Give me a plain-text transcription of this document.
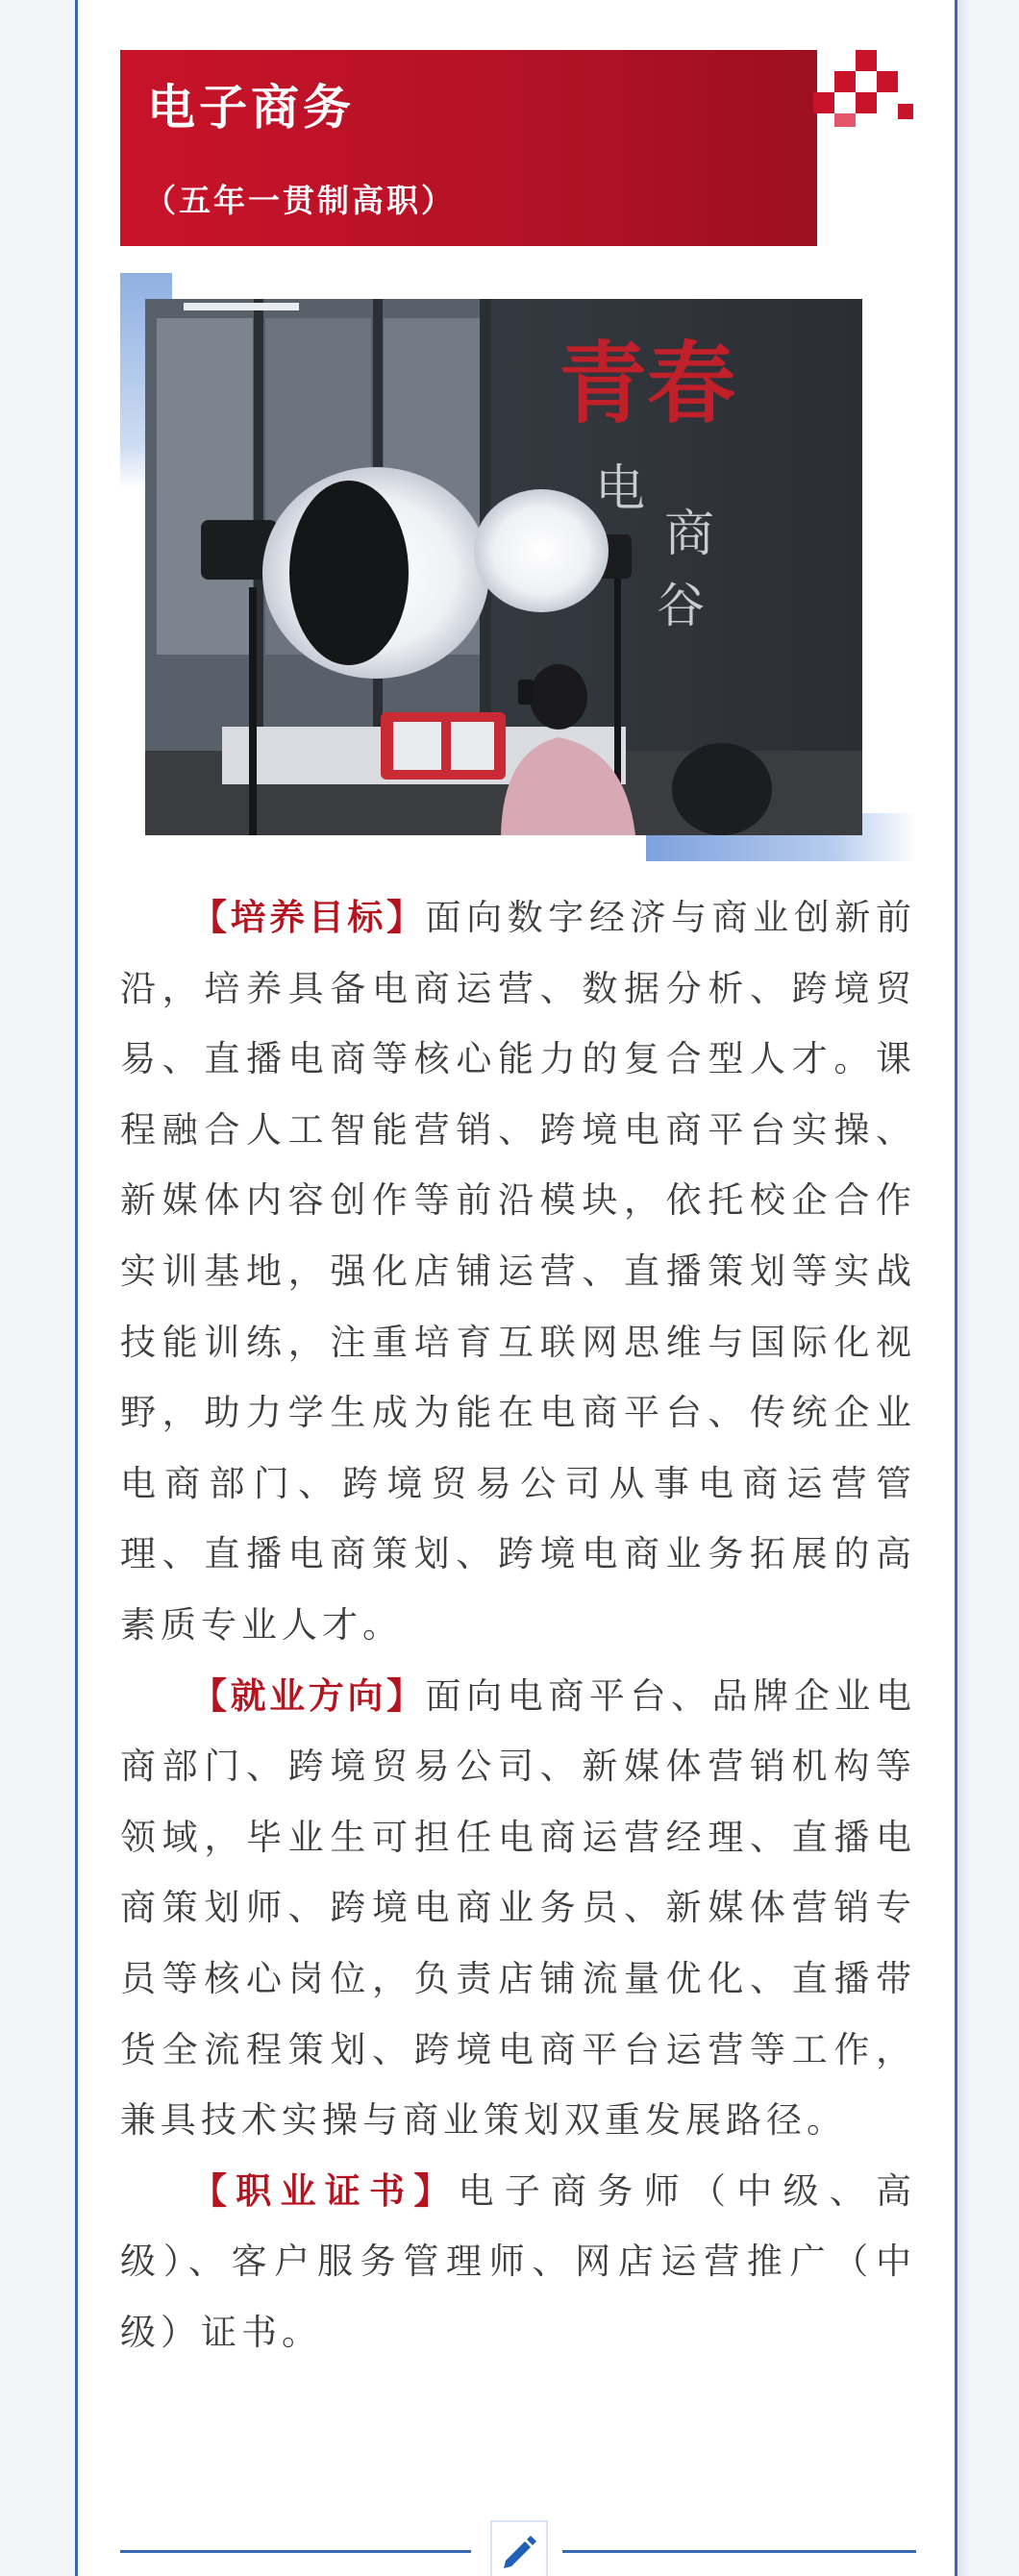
电子商务
（五年一贯制高职）
青春
电
商
谷

【培养目标】面向数字经济与商业创新前沿，培养具备电商运营、数据分析、跨境贸易、直播电商等核心能力的复合型人才。课程融合人工智能营销、跨境电商平台实操、新媒体内容创作等前沿模块，依托校企合作实训基地，强化店铺运营、直播策划等实战技能训练，注重培育互联网思维与国际化视野，助力学生成为能在电商平台、传统企业电商部门、跨境贸易公司从事电商运营管理、直播电商策划、跨境电商业务拓展的高素质专业人才。

【就业方向】面向电商平台、品牌企业电商部门、跨境贸易公司、新媒体营销机构等领域，毕业生可担任电商运营经理、直播电商策划师、跨境电商业务员、新媒体营销专员等核心岗位，负责店铺流量优化、直播带货全流程策划、跨境电商平台运营等工作，兼具技术实操与商业策划双重发展路径。

【职业证书】电子商务师（中级、高级）、客户服务管理师、网店运营推广（中级）证书。
